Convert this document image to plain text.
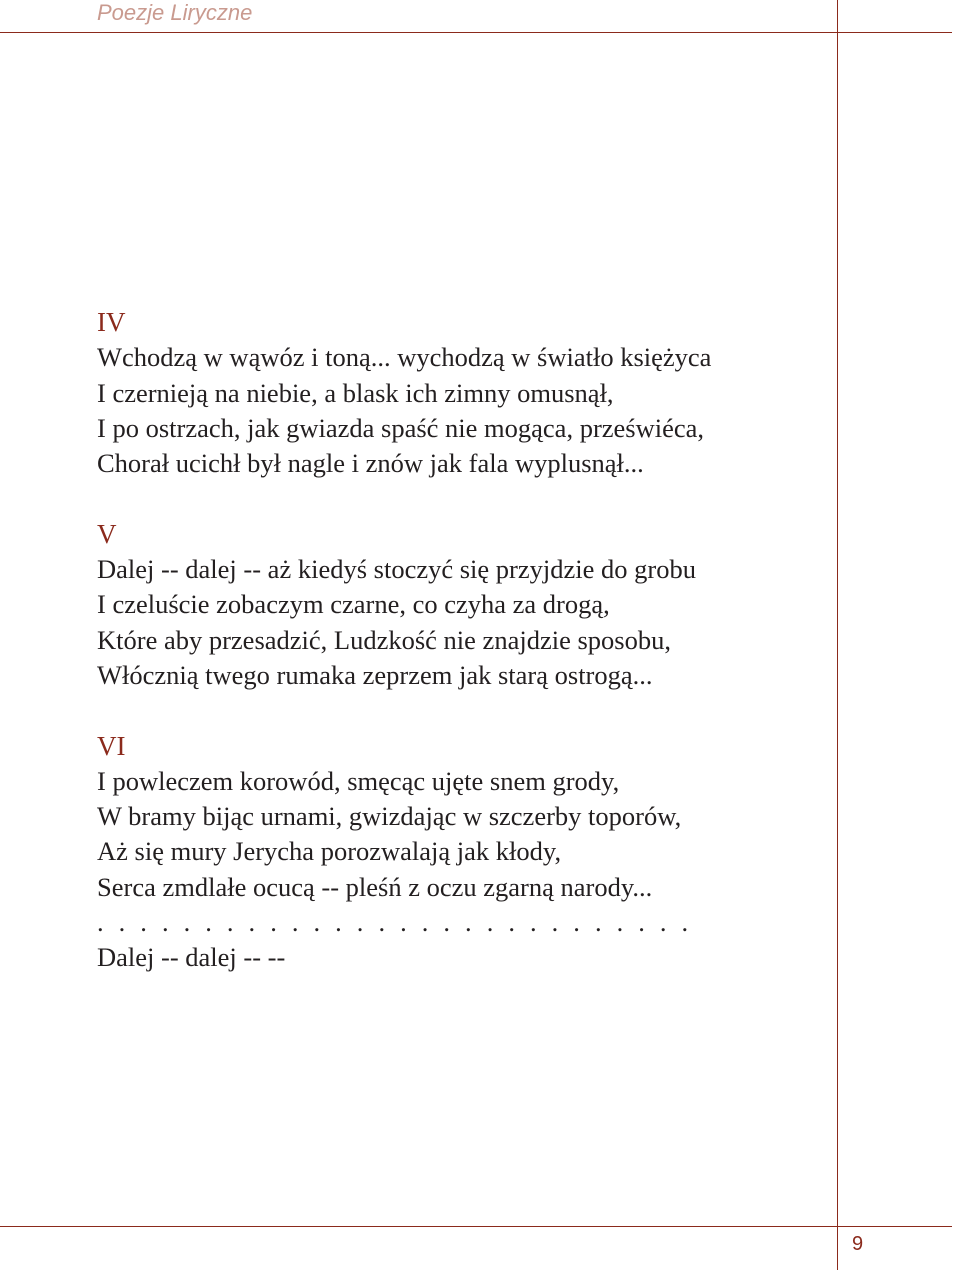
Poezje Liryczne
9
IV
Wchodzą w wąwóz i toną... wychodzą w światło księżyca
I czernieją na niebie, a blask ich zimny omusnął,
I po ostrzach, jak gwiazda spaść nie mogąca, przeświéca,
Chorał ucichł był nagle i znów jak fala wyplusnął...
V
Dalej -- dalej -- aż kiedyś stoczyć się przyjdzie do grobu
I czeluście zobaczym czarne, co czyha za drogą,
Które aby przesadzić, Ludzkość nie znajdzie sposobu,
Włócznią twego rumaka zeprzem jak starą ostrogą...
VI
I powleczem korowód, smęcąc ujęte snem grody,
W bramy bijąc urnami, gwizdając w szczerby toporów,
Aż się mury Jerycha porozwalają jak kłody,
Serca zmdlałe ocucą -- pleśń z oczu zgarną narody...
. . . . . . . . . . . . . . . . . . . . . . . . . . . .
Dalej -- dalej -- --
